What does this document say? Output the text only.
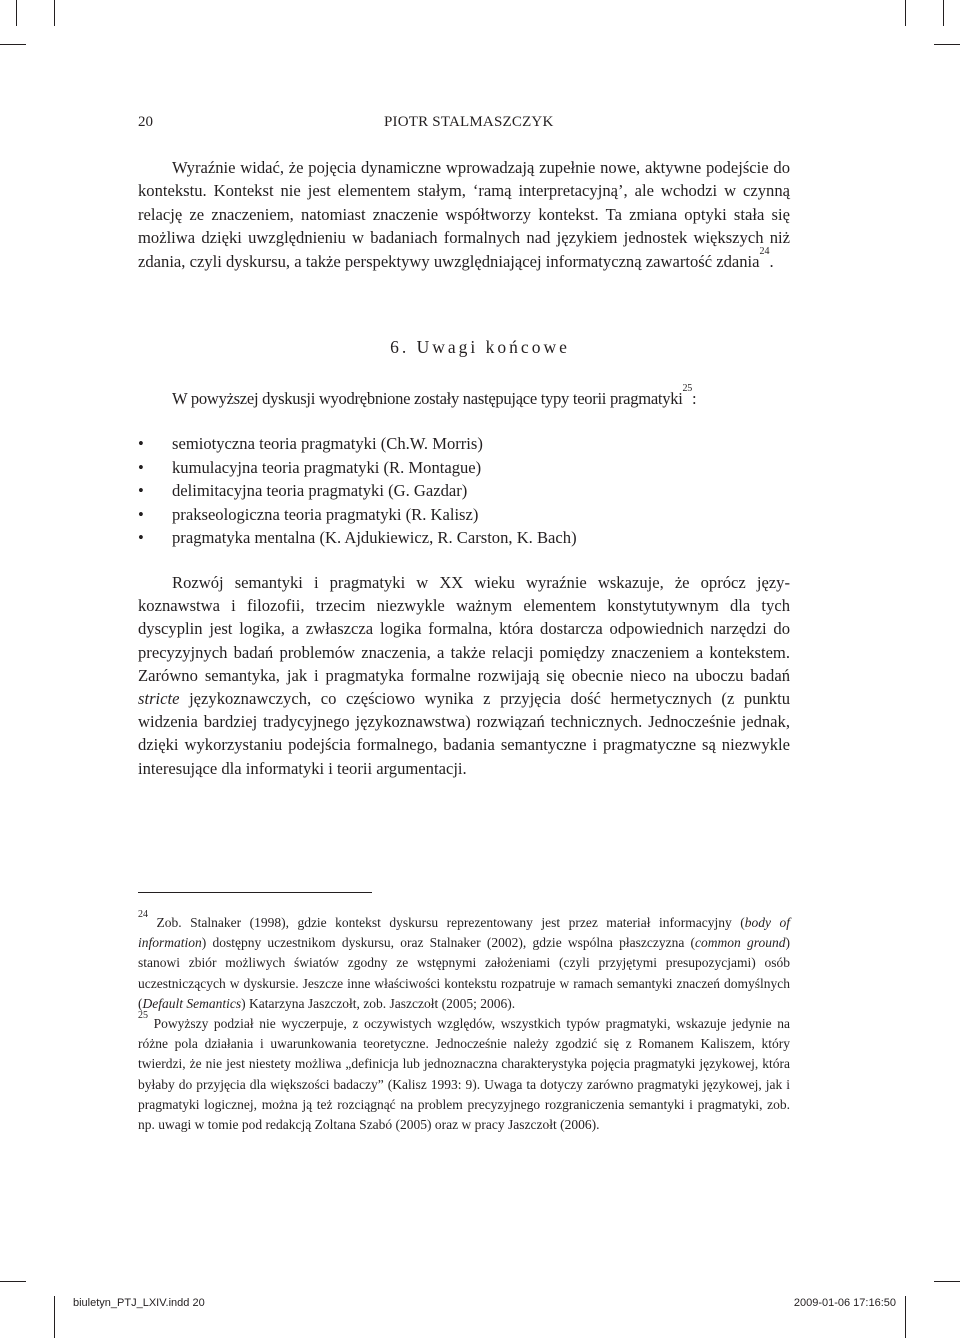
20	PIOTR STALMASZCZYK

Wyraźnie widać, że pojęcia dynamiczne wprowadzają zupełnie nowe, aktywne podejście do kontekstu. Kontekst nie jest elementem stałym, ‘ramą interpretacyjną’, ale wchodzi w czynną relację ze znaczeniem, natomiast znaczenie współtworzy kontekst. Ta zmiana optyki stała się możliwa dzięki uwzględnieniu w badaniach formalnych nad językiem jednostek większych niż zdania, czyli dyskursu, a także perspektywy uwzględniającej informatyczną zawartość zdania$^{24}$.

6. Uwagi końcowe
W powyższej dyskusji wyodrębnione zostały następujące typy teorii pragmatyki$^{25}$:
• semiotyczna teoria pragmatyki (Ch.W. Morris)
• kumulacyjna teoria pragmatyki (R. Montague)
• delimitacyjna teoria pragmatyki (G. Gazdar)
• prakseologiczna teoria pragmatyki (R. Kalisz)
• pragmatyka mentalna (K. Ajdukiewicz, R. Carston, K. Bach)

Rozwój semantyki i pragmatyki w XX wieku wyraźnie wskazuje, że oprócz językoznawstwa i filozofii, trzecim niezwykle ważnym elementem konstytutywnym dla tych dyscyplin jest logika, a zwłaszcza logika formalna, która dostarcza odpowiednich narzędzi do precyzyjnych badań problemów znaczenia, a także relacji pomiędzy znaczeniem a kontekstem. Zarówno semantyka, jak i pragmatyka formalne rozwijają się obecnie nieco na uboczu badań stricte językoznawczych, co częściowo wynika z przyjęcia dość hermetycznych (z punktu widzenia bardziej tradycyjnego językoznawstwa) rozwiązań technicznych. Jednocześnie jednak, dzięki wykorzystaniu podejścia formalnego, badania semantyczne i pragmatyczne są niezwykle interesujące dla informatyki i teorii argumentacji.

$^{24}$ Zob. Stalnaker (1998), gdzie kontekst dyskursu reprezentowany jest przez materiał informacyjny (body of information) dostępny uczestnikom dyskursu, oraz Stalnaker (2002), gdzie wspólna płaszczyzna (common ground) stanowi zbiór możliwych światów zgodny ze wstępnymi założeniami (czyli przyjętymi presupozycjami) osób uczestniczących w dyskursie. Jeszcze inne właściwości kontekstu rozpatruje w ramach semantyki znaczeń domyślnych (Default Semantics) Katarzyna Jaszczołt, zob. Jaszczołt (2005; 2006).

$^{25}$ Powyższy podział nie wyczerpuje, z oczywistych względów, wszystkich typów pragmatyki, wskazuje jedynie na różne pola działania i uwarunkowania teoretyczne. Jednocześnie należy zgodzić się z Romanem Kaliszem, który twierdzi, że nie jest niestety możliwa „definicja lub jednoznaczna charakterystyka pojęcia pragmatyki językowej, która byłaby do przyjęcia dla większości badaczy” (Kalisz 1993: 9). Uwaga ta dotyczy zarówno pragmatyki językowej, jak i pragmatyki logicznej, można ją też rozciągnąć na problem precyzyjnego rozgraniczenia semantyki i pragmatyki, zob. np. uwagi w tomie pod redakcją Zoltana Szabó (2005) oraz w pracy Jaszczołt (2006).

biuletyn_PTJ_LXIV.indd 20	2009-01-06 17:16:50
